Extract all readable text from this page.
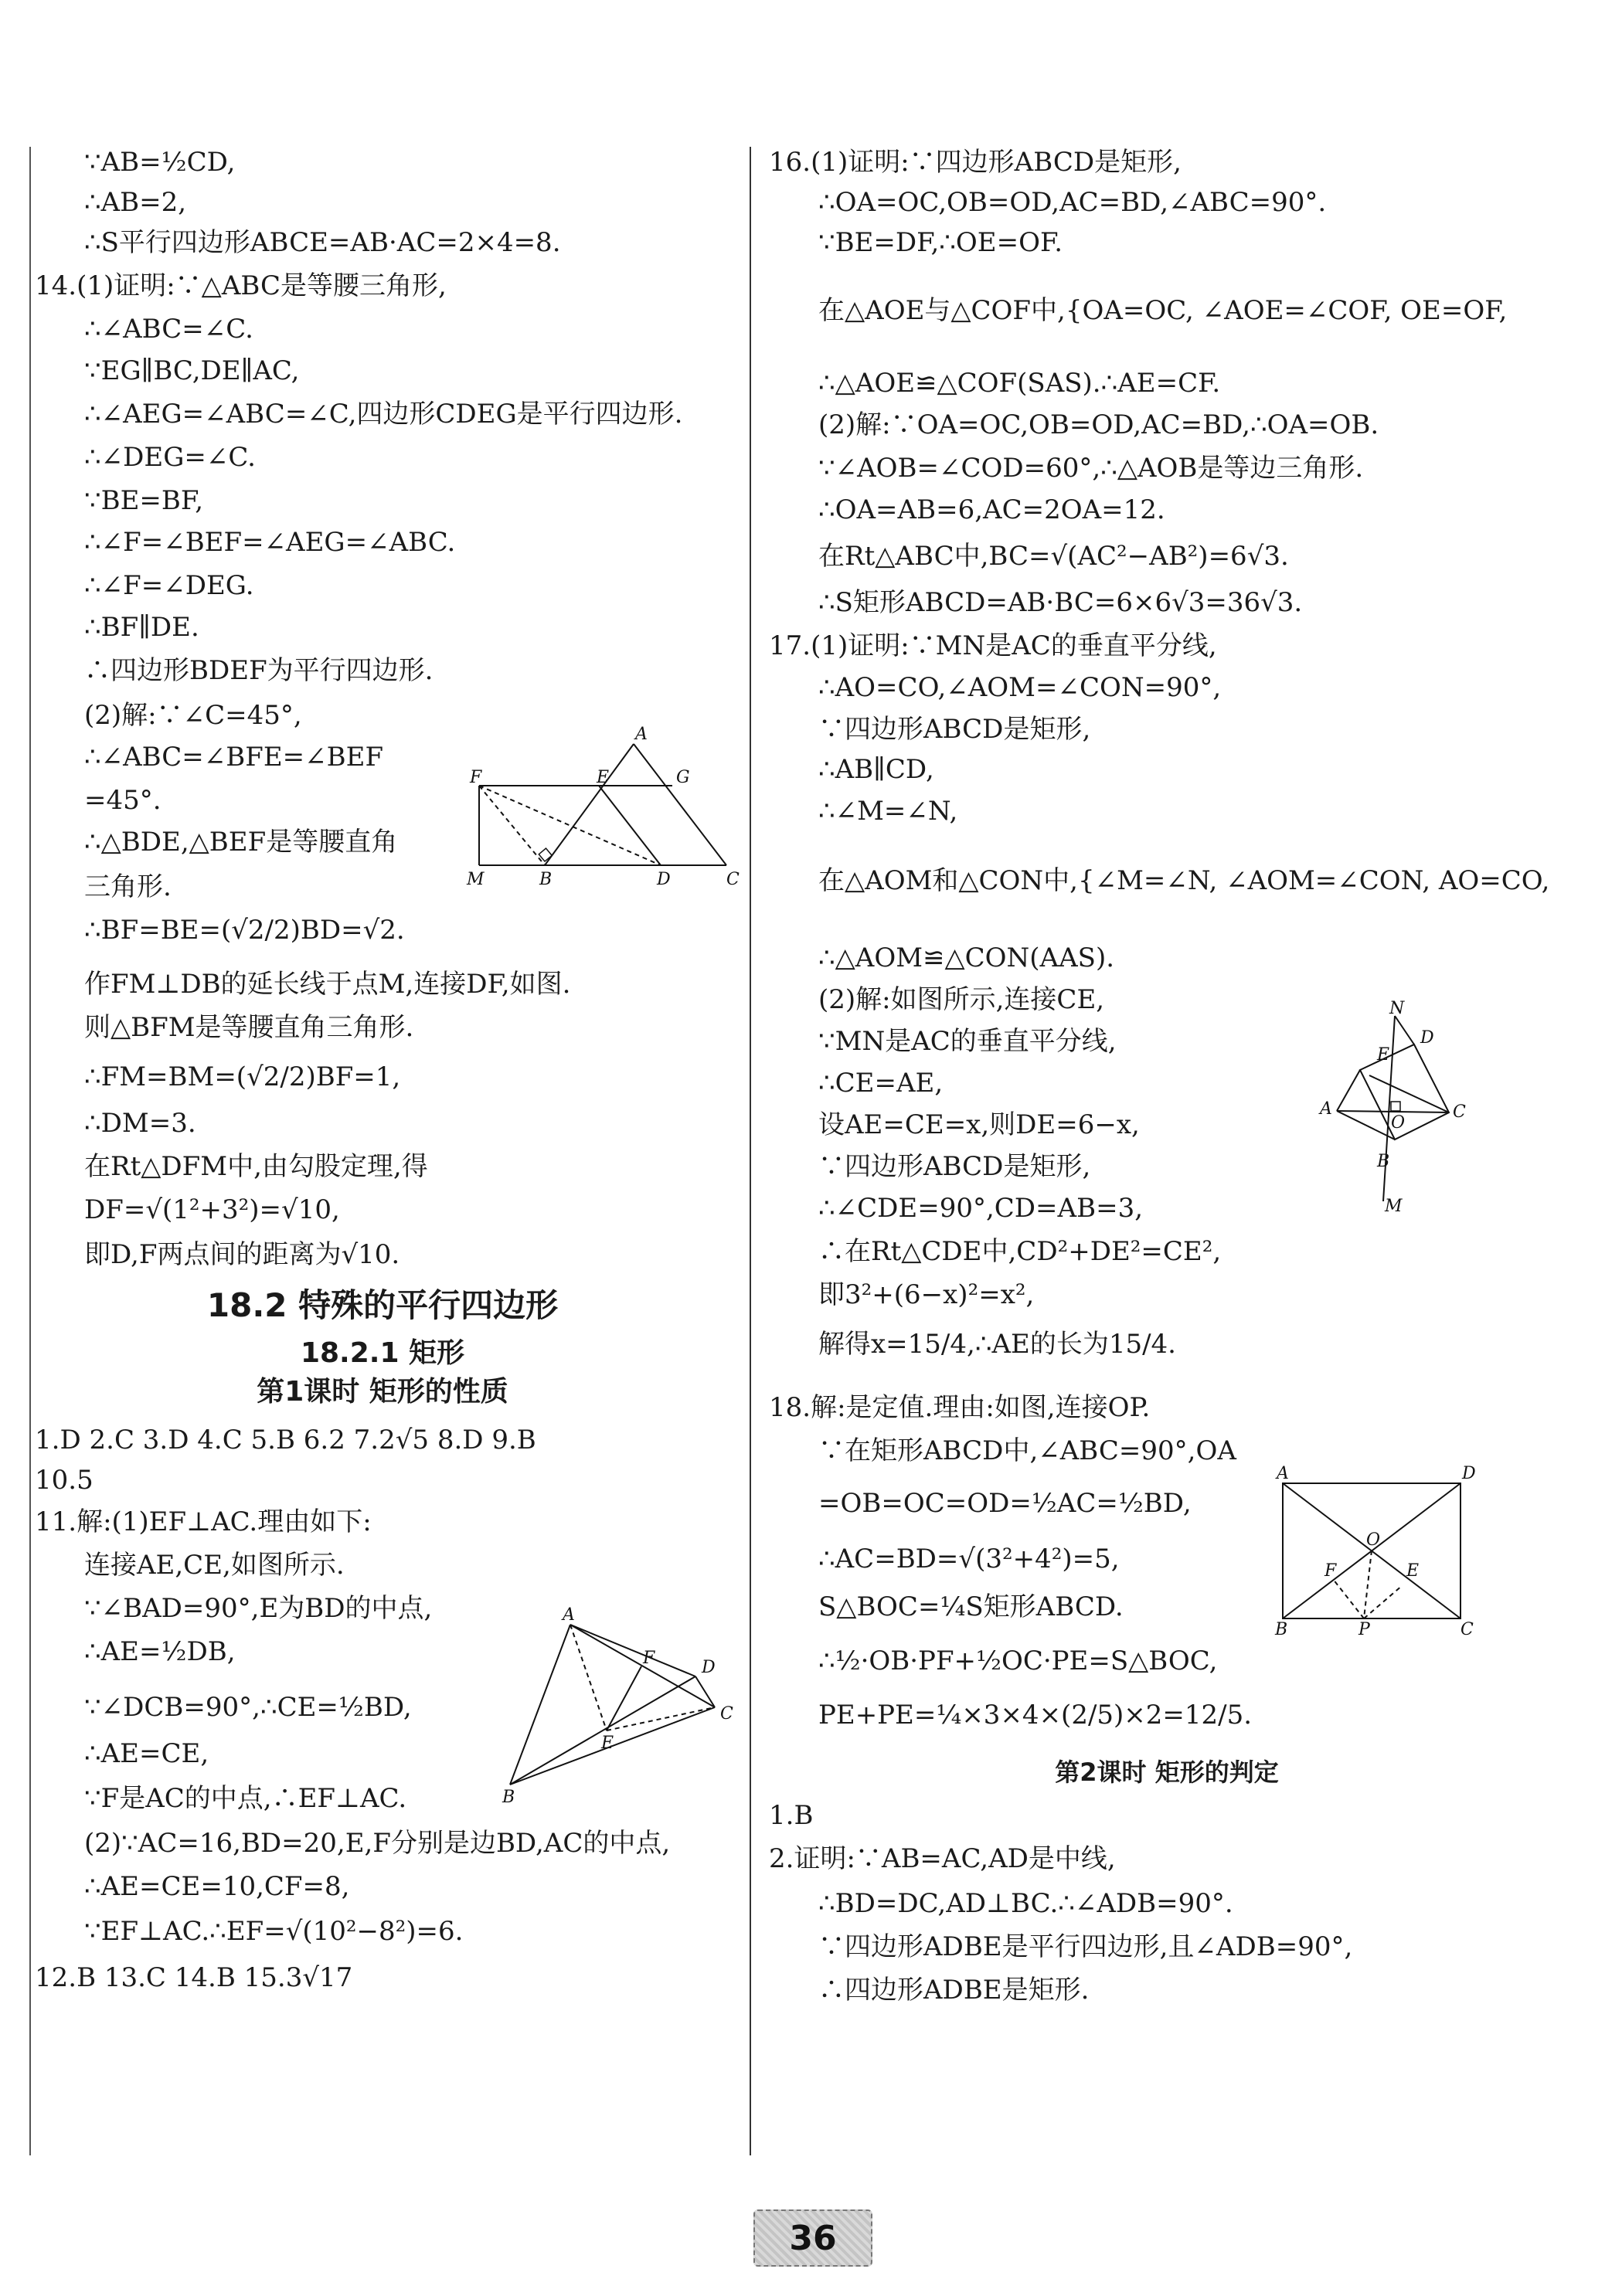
∵AB=½CD,
∴AB=2,
∴S平行四边形ABCE=AB·AC=2×4=8.
14.(1)证明:∵△ABC是等腰三角形,
∴∠ABC=∠C.
∵EG∥BC,DE∥AC,
∴∠AEG=∠ABC=∠C,四边形CDEG是平行四边形.
∴∠DEG=∠C.
∵BE=BF,
∴∠F=∠BEF=∠AEG=∠ABC.
∴∠F=∠DEG.
∴BF∥DE.
∴四边形BDEF为平行四边形.
(2)解:∵∠C=45°,
∴∠ABC=∠BFE=∠BEF
=45°.
∴△BDE,△BEF是等腰直角
三角形.
∴BF=BE=(√2/2)BD=√2.
作FM⊥DB的延长线于点M,连接DF,如图.
则△BFM是等腰直角三角形.
∴FM=BM=(√2/2)BF=1,
∴DM=3.
在Rt△DFM中,由勾股定理,得
DF=√(1²+3²)=√10,
即D,F两点间的距离为√10.
18.2 特殊的平行四边形
18.2.1 矩形
第1课时 矩形的性质
1.D 2.C 3.D 4.C 5.B 6.2 7.2√5 8.D 9.B
10.5
11.解:(1)EF⊥AC.理由如下:
连接AE,CE,如图所示.
∵∠BAD=90°,E为BD的中点,
∴AE=½DB,
∵∠DCB=90°,∴CE=½BD,
∴AE=CE,
∵F是AC的中点,∴EF⊥AC.
(2)∵AC=16,BD=20,E,F分别是边BD,AC的中点,
∴AE=CE=10,CF=8,
∵EF⊥AC.∴EF=√(10²−8²)=6.
12.B 13.C 14.B 15.3√17
16.(1)证明:∵四边形ABCD是矩形,
∴OA=OC,OB=OD,AC=BD,∠ABC=90°.
∵BE=DF,∴OE=OF.
在△AOE与△COF中,{OA=OC, ∠AOE=∠COF, OE=OF,
∴△AOE≌△COF(SAS).∴AE=CF.
(2)解:∵OA=OC,OB=OD,AC=BD,∴OA=OB.
∵∠AOB=∠COD=60°,∴△AOB是等边三角形.
∴OA=AB=6,AC=2OA=12.
在Rt△ABC中,BC=√(AC²−AB²)=6√3.
∴S矩形ABCD=AB·BC=6×6√3=36√3.
17.(1)证明:∵MN是AC的垂直平分线,
∴AO=CO,∠AOM=∠CON=90°,
∵四边形ABCD是矩形,
∴AB∥CD,
∴∠M=∠N,
在△AOM和△CON中,{∠M=∠N, ∠AOM=∠CON, AO=CO,
∴△AOM≌△CON(AAS).
(2)解:如图所示,连接CE,
∵MN是AC的垂直平分线,
∴CE=AE,
设AE=CE=x,则DE=6−x,
∵四边形ABCD是矩形,
∴∠CDE=90°,CD=AB=3,
∴在Rt△CDE中,CD²+DE²=CE²,
即3²+(6−x)²=x²,
解得x=15/4,∴AE的长为15/4.
18.解:是定值.理由:如图,连接OP.
∵在矩形ABCD中,∠ABC=90°,OA
=OB=OC=OD=½AC=½BD,
∴AC=BD=√(3²+4²)=5,
S△BOC=¼S矩形ABCD.
∴½·OB·PF+½OC·PE=S△BOC,
PE+PE=¼×3×4×(2/5)×2=12/5.
第2课时 矩形的判定
1.B
2.证明:∵AB=AC,AD是中线,
∴BD=DC,AD⊥BC.∴∠ADB=90°.
∵四边形ADBE是平行四边形,且∠ADB=90°,
∴四边形ADBE是矩形.
A
F	E	G
M	B	D	C
A
F	D
E
C
B
N
D
E
A
O
C
B
M
A	D
O
F	E
B	P	C
36
